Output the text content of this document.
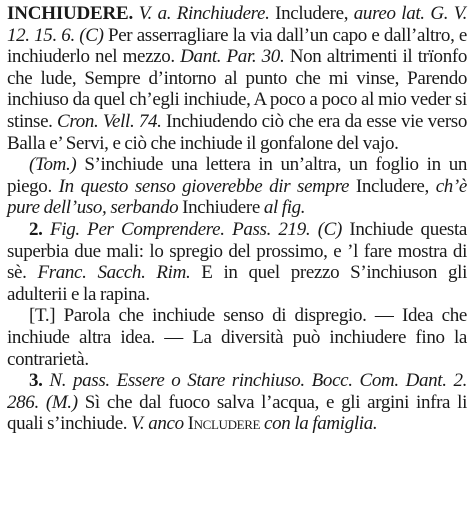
INCHIUDERE. V. a. Rinchiudere. Includere, aureo lat. G. V. 12. 15. 6. (C) Per asserragliare la via dall’un capo e dall’altro, e inchiuderlo nel mezzo. Dant. Par. 30. Non altrimenti il trïonfo che lude, Sempre d’intorno al punto che mi vinse, Parendo inchiuso da quel ch’egli inchiude, A poco a poco al mio veder si stinse. Cron. Vell. 74. Inchiudendo ciò che era da esse vie verso Balla e’ Servi, e ciò che inchiude il gonfalone del vajo.

(Tom.) S’inchiude una lettera in un’altra, un foglio in un piego. In questo senso gioverebbe dir sempre Includere, ch’è pure dell’uso, serbando Inchiudere al fig.

2. Fig. Per Comprendere. Pass. 219. (C) Inchiude questa superbia due mali: lo spregio del prossimo, e ’l fare mostra di sè. Franc. Sacch. Rim. E in quel prezzo S’inchiuson gli adulterii e la rapina.

[T.] Parola che inchiude senso di dispregio. — Idea che inchiude altra idea. — La diversità può inchiudere fino la contrarietà.

3. N. pass. Essere o Stare rinchiuso. Bocc. Com. Dant. 2. 286. (M.) Sì che dal fuoco salva l’acqua, e gli argini infra li quali s’inchiude. V. anco Includere con la famiglia.
